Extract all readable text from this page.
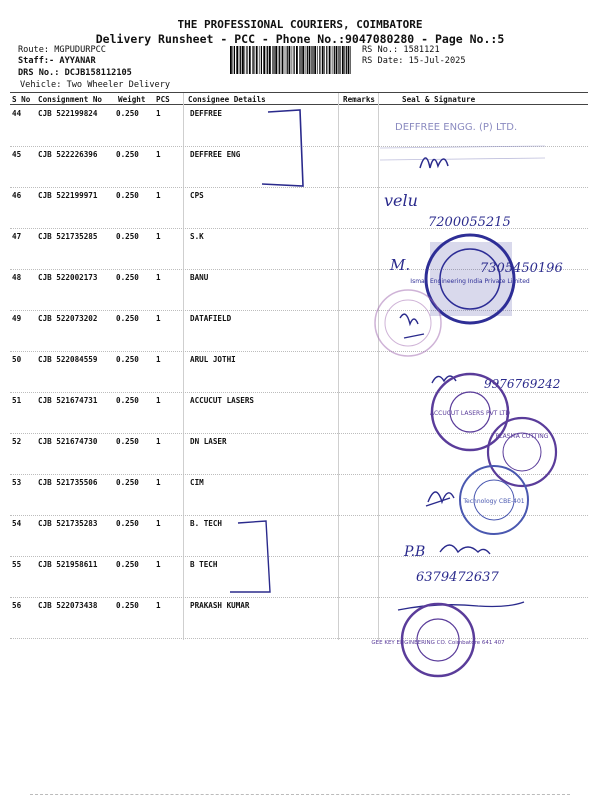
THE PROFESSIONAL COURIERS, COIMBATORE
Delivery Runsheet - PCC - Phone No.:9047080280 - Page No.:5
Route: MGPUDURPCC
Staff:- AYYANAR
DRS No.: DCJB158112105
Vehicle: Two Wheeler Delivery
RS No.: 1581121
RS Date: 15-Jul-2025
S No Consignment No Weight PCS Consignee Details	Remarks	Seal & Signature
44 CJB 522199824 0.250 1	DEFFREE
45 CJB 522226396 0.250 1	DEFFREE ENG
46 CJB 522199971 0.250 1	CPS
47 CJB 521735285 0.250 1	S.K
48 CJB 522002173 0.250 1	BANU
49 CJB 522073202 0.250 1	DATAFIELD
50 CJB 522084559 0.250 1	ARUL JOTHI
51 CJB 521674731 0.250 1	ACCUCUT LASERS
52 CJB 521674730 0.250 1	DN LASER
53 CJB 521735506 0.250 1	CIM
54 CJB 521735283 0.250 1	B. TECH
55 CJB 521958611 0.250 1	B TECH
56 CJB 522073438 0.250 1	PRAKASH KUMAR
DEFFREE ENGG. (P) LTD.
velu
7200055215
Ismail Engineering India Private Limited
M.	7305450196
9976769242
ACCUCUT LASERS PVT LTD
PLASMA CUTTING
Technology CBE-401
P.B
6379472637
GEE KEY ENGINEERING CO. Coimbatore 641 407
